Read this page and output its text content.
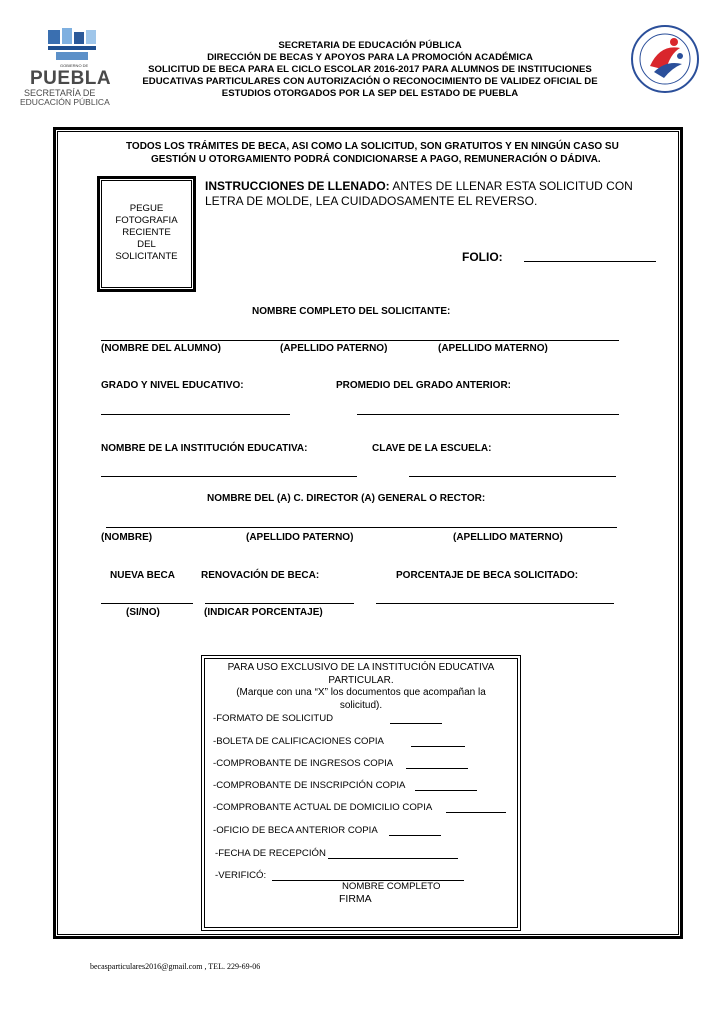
GOBIERNO DE
PUEBLA
SECRETARÍA DE
EDUCACIÓN PÚBLICA
SECRETARIA DE EDUCACIÓN PÚBLICA
DIRECCIÓN DE BECAS Y APOYOS PARA LA PROMOCIÓN ACADÉMICA
SOLICITUD DE BECA PARA EL CICLO ESCOLAR 2016-2017 PARA ALUMNOS DE INSTITUCIONES
EDUCATIVAS PARTICULARES CON AUTORIZACIÓN O RECONOCIMIENTO DE VALIDEZ OFICIAL DE
ESTUDIOS OTORGADOS POR LA SEP DEL ESTADO DE PUEBLA
TODOS LOS TRÁMITES DE BECA, ASI COMO LA SOLICITUD, SON GRATUITOS Y EN NINGÚN CASO SU
GESTIÓN U OTORGAMIENTO PODRÁ CONDICIONARSE A PAGO, REMUNERACIÓN O DÁDIVA.
PEGUE
FOTOGRAFIA
RECIENTE
DEL
SOLICITANTE
INSTRUCCIONES DE LLENADO: ANTES DE LLENAR ESTA SOLICITUD CON
LETRA DE MOLDE, LEA CUIDADOSAMENTE EL REVERSO.
FOLIO:
NOMBRE COMPLETO DEL SOLICITANTE:
(NOMBRE DEL ALUMNO)	(APELLIDO PATERNO)	(APELLIDO MATERNO)
GRADO Y NIVEL EDUCATIVO:	PROMEDIO DEL GRADO ANTERIOR:
NOMBRE DE LA INSTITUCIÓN EDUCATIVA:	CLAVE DE LA ESCUELA:
NOMBRE DEL (A) C. DIRECTOR (A) GENERAL O RECTOR:
(NOMBRE)	(APELLIDO PATERNO)	(APELLIDO MATERNO)
NUEVA BECA	RENOVACIÓN DE BECA:	PORCENTAJE DE BECA SOLICITADO:
(SI/NO)	(INDICAR PORCENTAJE)
PARA USO EXCLUSIVO DE LA INSTITUCIÓN EDUCATIVA
PARTICULAR.
(Marque con una “X” los documentos que acompañan la
solicitud).
-FORMATO DE SOLICITUD
-BOLETA DE CALIFICACIONES COPIA
-COMPROBANTE DE INGRESOS COPIA
-COMPROBANTE DE INSCRIPCIÓN COPIA
-COMPROBANTE ACTUAL DE DOMICILIO COPIA
-OFICIO DE BECA ANTERIOR COPIA
-FECHA DE RECEPCIÓN
-VERIFICÓ:
NOMBRE COMPLETO
FIRMA
becasparticulares2016@gmail.com , TEL. 229-69-06
